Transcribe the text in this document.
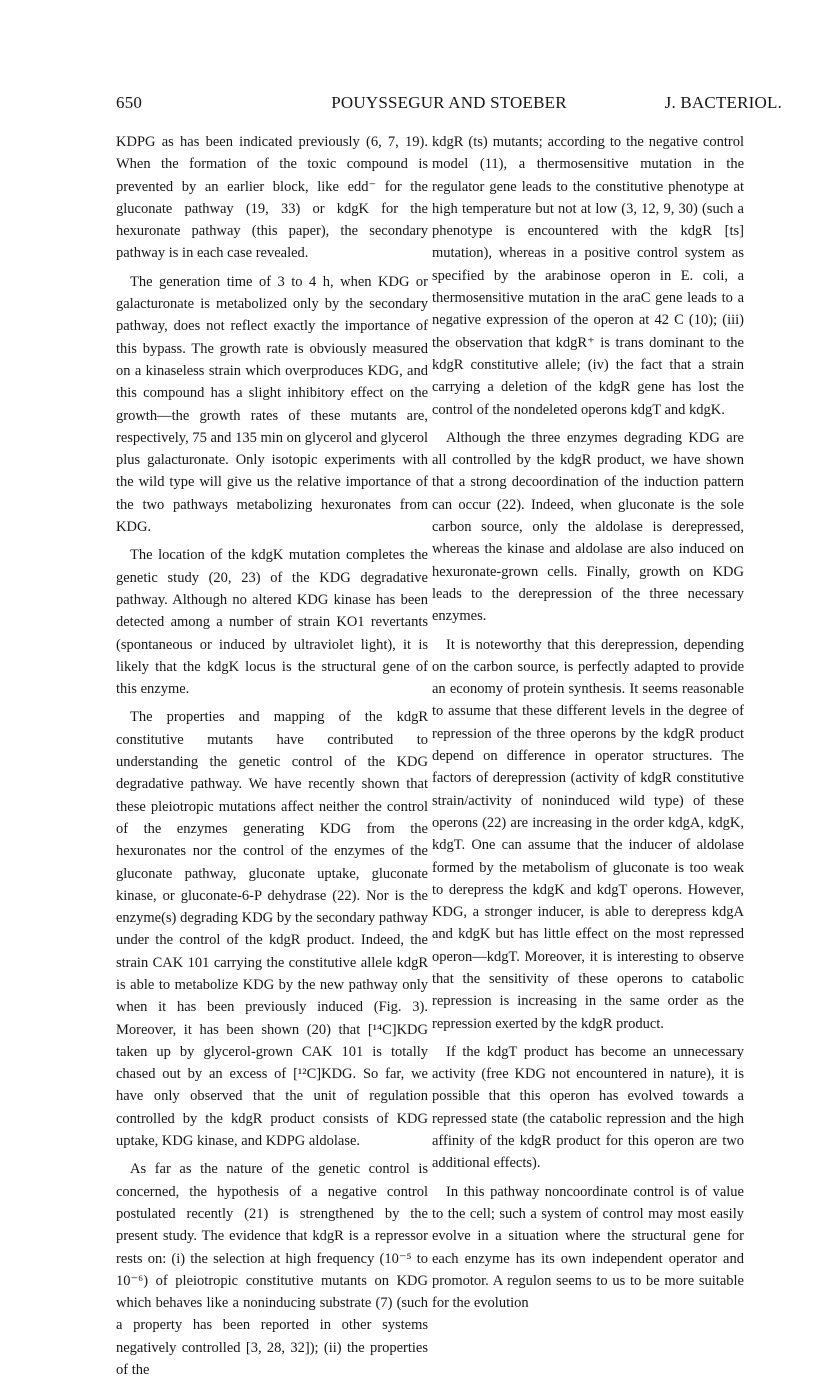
650	POUYSSEGUR AND STOEBER	J. BACTERIOL.

KDPG as has been indicated previously (6, 7, 19). When the formation of the toxic compound is prevented by an earlier block, like edd⁻ for the gluconate pathway (19, 33) or kdgK for the hexuronate pathway (this paper), the secondary pathway is in each case revealed.

The generation time of 3 to 4 h, when KDG or galacturonate is metabolized only by the secondary pathway, does not reflect exactly the importance of this bypass. The growth rate is obviously measured on a kinaseless strain which overproduces KDG, and this compound has a slight inhibitory effect on the growth—the growth rates of these mutants are, respectively, 75 and 135 min on glycerol and glycerol plus galacturonate. Only isotopic experiments with the wild type will give us the relative importance of the two pathways metabolizing hexuronates from KDG.

The location of the kdgK mutation completes the genetic study (20, 23) of the KDG degradative pathway. Although no altered KDG kinase has been detected among a number of strain KO1 revertants (spontaneous or induced by ultraviolet light), it is likely that the kdgK locus is the structural gene of this enzyme.

The properties and mapping of the kdgR constitutive mutants have contributed to understanding the genetic control of the KDG degradative pathway. We have recently shown that these pleiotropic mutations affect neither the control of the enzymes generating KDG from the hexuronates nor the control of the enzymes of the gluconate pathway, gluconate uptake, gluconate kinase, or gluconate-6-P dehydrase (22). Nor is the enzyme(s) degrading KDG by the secondary pathway under the control of the kdgR product. Indeed, the strain CAK 101 carrying the constitutive allele kdgR is able to metabolize KDG by the new pathway only when it has been previously induced (Fig. 3). Moreover, it has been shown (20) that [¹⁴C]KDG taken up by glycerol-grown CAK 101 is totally chased out by an excess of [¹²C]KDG. So far, we have only observed that the unit of regulation controlled by the kdgR product consists of KDG uptake, KDG kinase, and KDPG aldolase.

As far as the nature of the genetic control is concerned, the hypothesis of a negative control postulated recently (21) is strengthened by the present study. The evidence that kdgR is a repressor rests on: (i) the selection at high frequency (10⁻⁵ to 10⁻⁶) of pleiotropic constitutive mutants on KDG which behaves like a noninducing substrate (7) (such a property has been reported in other systems negatively controlled [3, 28, 32]); (ii) the properties of the

kdgR (ts) mutants; according to the negative control model (11), a thermosensitive mutation in the regulator gene leads to the constitutive phenotype at high temperature but not at low (3, 12, 9, 30) (such a phenotype is encountered with the kdgR [ts] mutation), whereas in a positive control system as specified by the arabinose operon in E. coli, a thermosensitive mutation in the araC gene leads to a negative expression of the operon at 42 C (10); (iii) the observation that kdgR⁺ is trans dominant to the kdgR constitutive allele; (iv) the fact that a strain carrying a deletion of the kdgR gene has lost the control of the nondeleted operons kdgT and kdgK.

Although the three enzymes degrading KDG are all controlled by the kdgR product, we have shown that a strong decoordination of the induction pattern can occur (22). Indeed, when gluconate is the sole carbon source, only the aldolase is derepressed, whereas the kinase and aldolase are also induced on hexuronate-grown cells. Finally, growth on KDG leads to the derepression of the three necessary enzymes.

It is noteworthy that this derepression, depending on the carbon source, is perfectly adapted to provide an economy of protein synthesis. It seems reasonable to assume that these different levels in the degree of repression of the three operons by the kdgR product depend on difference in operator structures. The factors of derepression (activity of kdgR constitutive strain/activity of noninduced wild type) of these operons (22) are increasing in the order kdgA, kdgK, kdgT. One can assume that the inducer of aldolase formed by the metabolism of gluconate is too weak to derepress the kdgK and kdgT operons. However, KDG, a stronger inducer, is able to derepress kdgA and kdgK but has little effect on the most repressed operon—kdgT. Moreover, it is interesting to observe that the sensitivity of these operons to catabolic repression is increasing in the same order as the repression exerted by the kdgR product.

If the kdgT product has become an unnecessary activity (free KDG not encountered in nature), it is possible that this operon has evolved towards a repressed state (the catabolic repression and the high affinity of the kdgR product for this operon are two additional effects).

In this pathway noncoordinate control is of value to the cell; such a system of control may most easily evolve in a situation where the structural gene for each enzyme has its own independent operator and promotor. A regulon seems to us to be more suitable for the evolution
